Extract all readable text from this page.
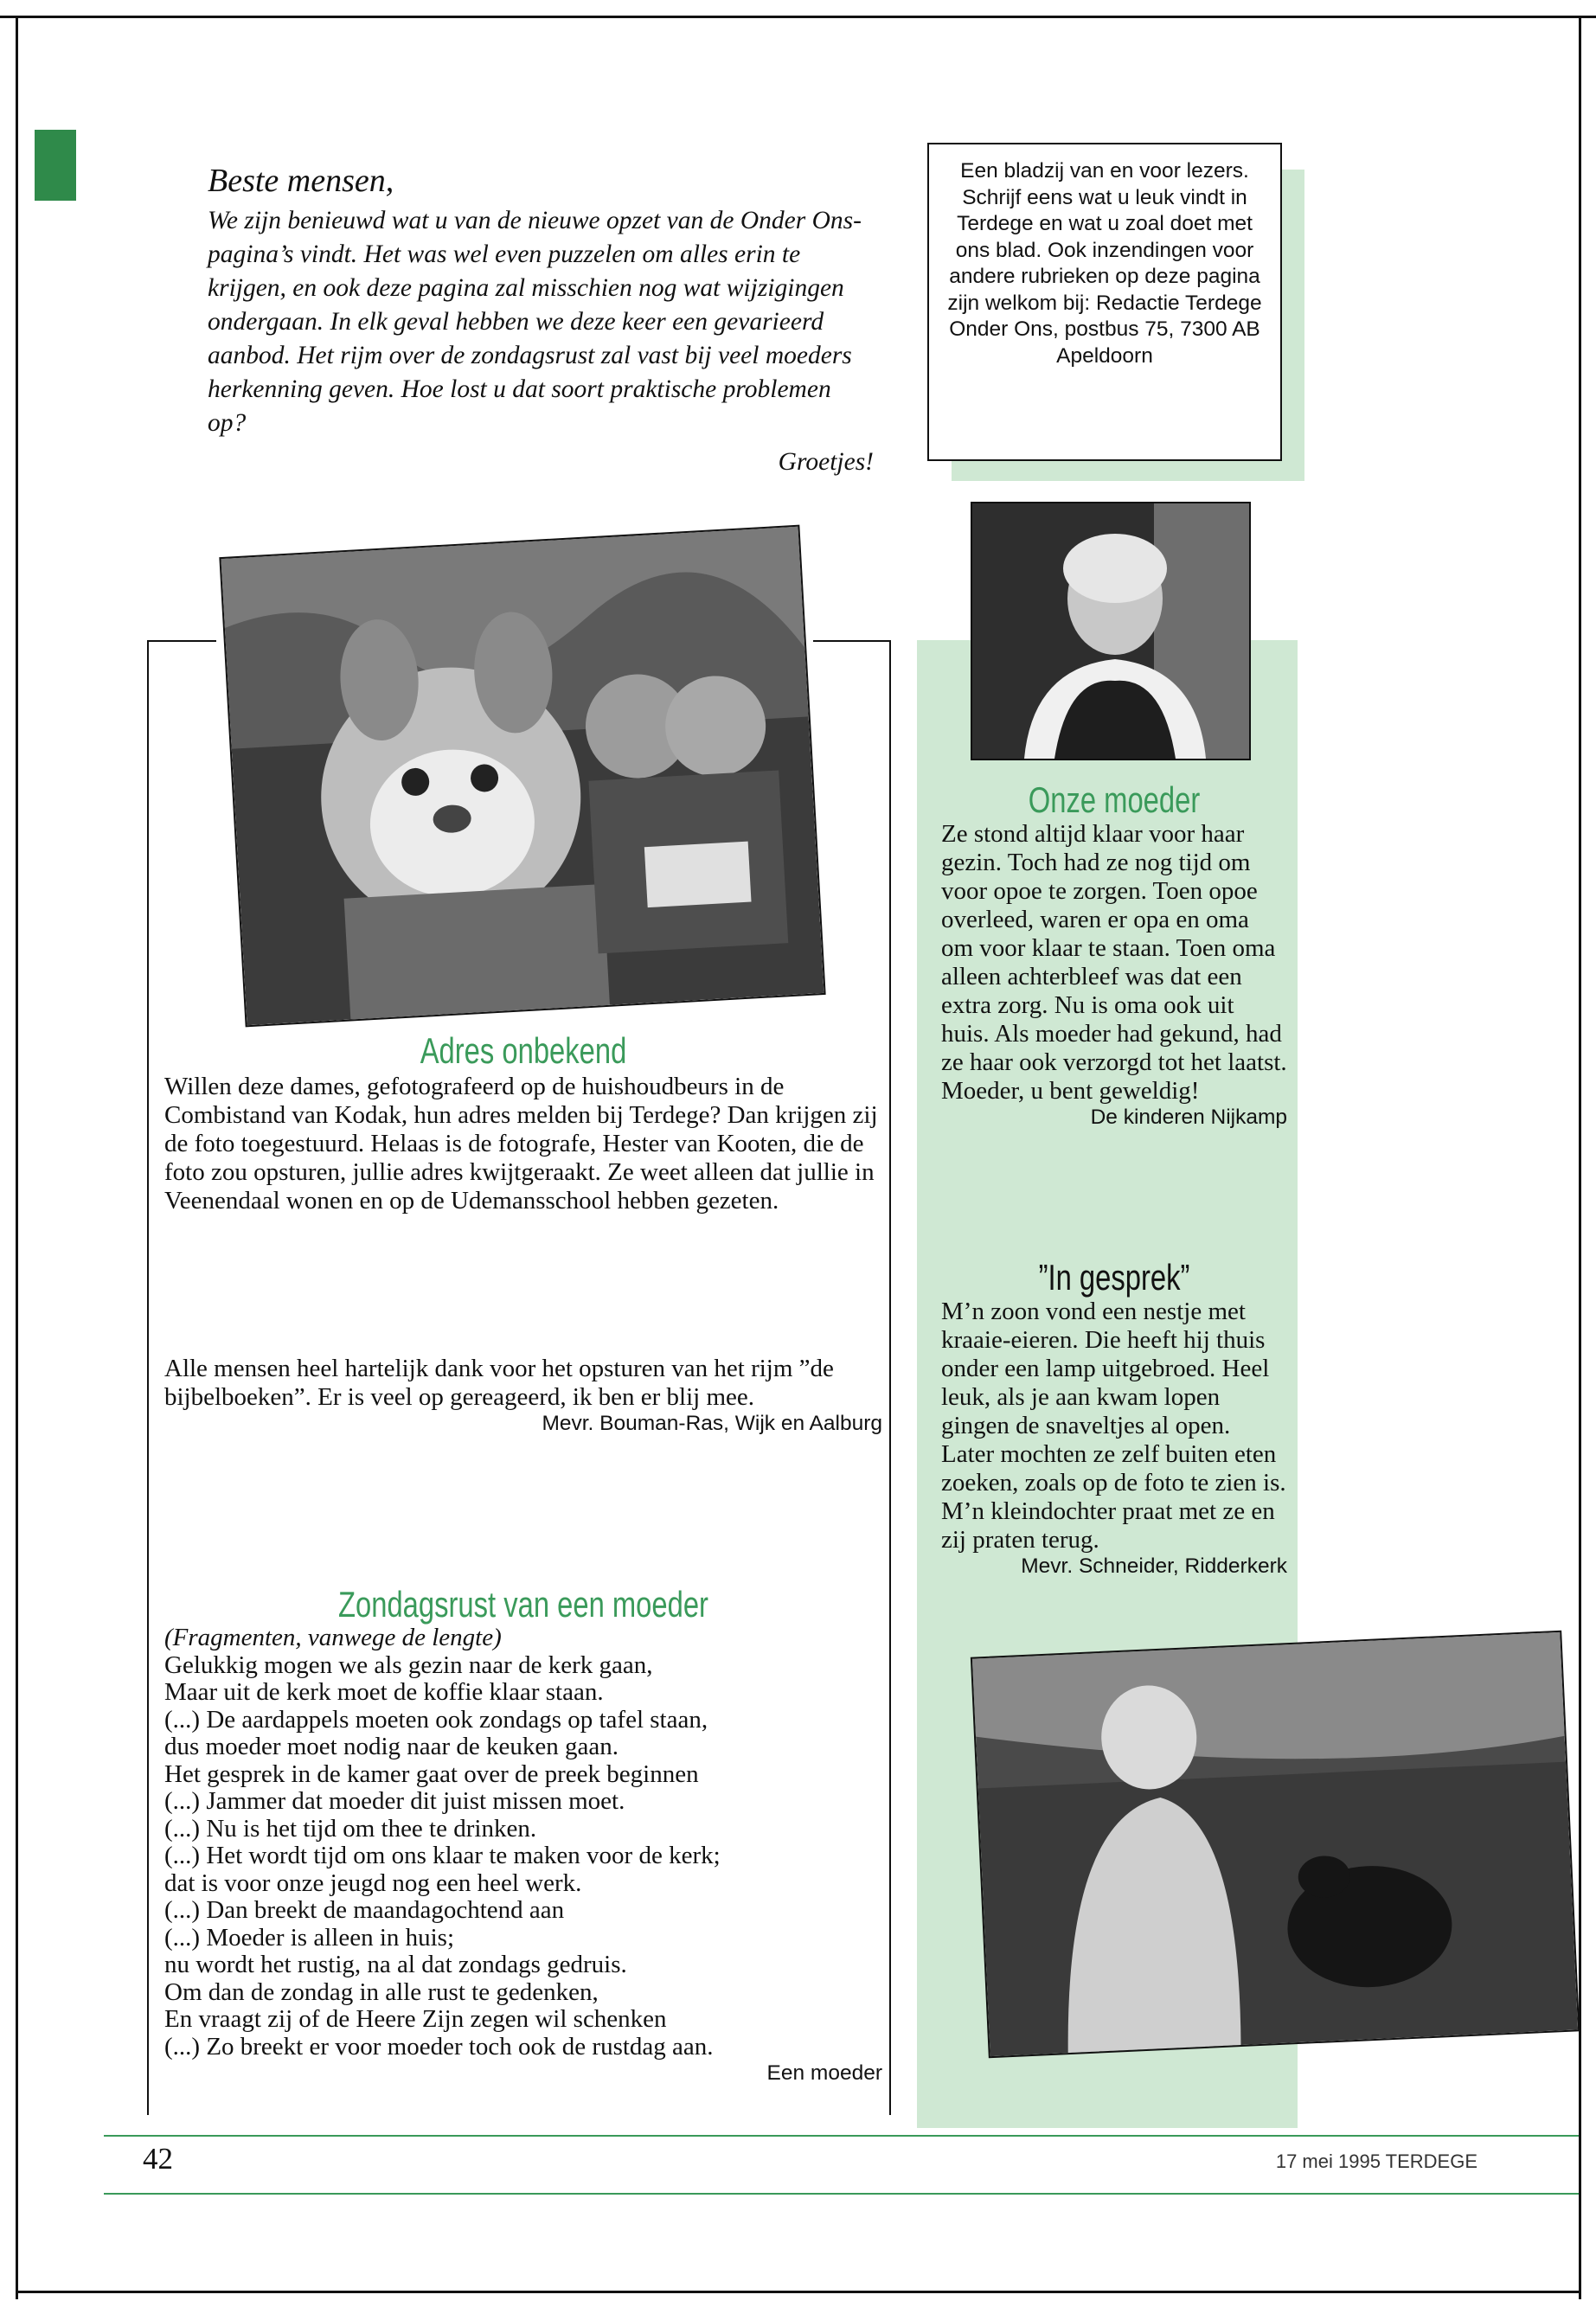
Beste mensen,

We zijn benieuwd wat u van de nieuwe opzet van de Onder Ons-pagina’s vindt. Het was wel even puzzelen om alles erin te krijgen, en ook deze pagina zal misschien nog wat wijzigingen ondergaan. In elk geval hebben we deze keer een gevarieerd aanbod. Het rijm over de zondagsrust zal vast bij veel moeders herkenning geven. Hoe lost u dat soort praktische problemen op?

Groetjes!

Een bladzij van en voor lezers. Schrijf eens wat u leuk vindt in Terdege en wat u zoal doet met ons blad. Ook inzendingen voor andere rubrieken op deze pagina zijn welkom bij: Redactie Terdege Onder Ons, postbus 75, 7300 AB Apeldoorn

Adres onbekend

Willen deze dames, gefotografeerd op de huishoudbeurs in de Combistand van Kodak, hun adres melden bij Terdege? Dan krijgen zij de foto toegestuurd. Helaas is de fotografe, Hester van Kooten, die de foto zou opsturen, jullie adres kwijtgeraakt. Ze weet alleen dat jullie in Veenendaal wonen en op de Udemansschool hebben gezeten.

Alle mensen heel hartelijk dank voor het opsturen van het rijm ”de bijbelboeken”. Er is veel op gereageerd, ik ben er blij mee.

Mevr. Bouman-Ras, Wijk en Aalburg

Zondagsrust van een moeder

(Fragmenten, vanwege de lengte)

Gelukkig mogen we als gezin naar de kerk gaan,

Maar uit de kerk moet de koffie klaar staan.

(...) De aardappels moeten ook zondags op tafel staan,

dus moeder moet nodig naar de keuken gaan.

Het gesprek in de kamer gaat over de preek beginnen

(...) Jammer dat moeder dit juist missen moet.

(...) Nu is het tijd om thee te drinken.

(...) Het wordt tijd om ons klaar te maken voor de kerk;

dat is voor onze jeugd nog een heel werk.

(...) Dan breekt de maandagochtend aan

(...) Moeder is alleen in huis;

nu wordt het rustig, na al dat zondags gedruis.

Om dan de zondag in alle rust te gedenken,

En vraagt zij of de Heere Zijn zegen wil schenken

(...) Zo breekt er voor moeder toch ook de rustdag aan.

Een moeder

Onze moeder

Ze stond altijd klaar voor haar gezin. Toch had ze nog tijd om voor opoe te zorgen. Toen opoe overleed, waren er opa en oma om voor klaar te staan. Toen oma alleen achterbleef was dat een extra zorg. Nu is oma ook uit huis. Als moeder had gekund, had ze haar ook verzorgd tot het laatst. Moeder, u bent geweldig!

De kinderen Nijkamp

”In gesprek”

M’n zoon vond een nestje met kraaie-eieren. Die heeft hij thuis onder een lamp uitgebroed. Heel leuk, als je aan kwam lopen gingen de snaveltjes al open. Later mochten ze zelf buiten eten zoeken, zoals op de foto te zien is. M’n kleindochter praat met ze en zij praten terug.

Mevr. Schneider, Ridderkerk

42	17 mei 1995 TERDEGE
